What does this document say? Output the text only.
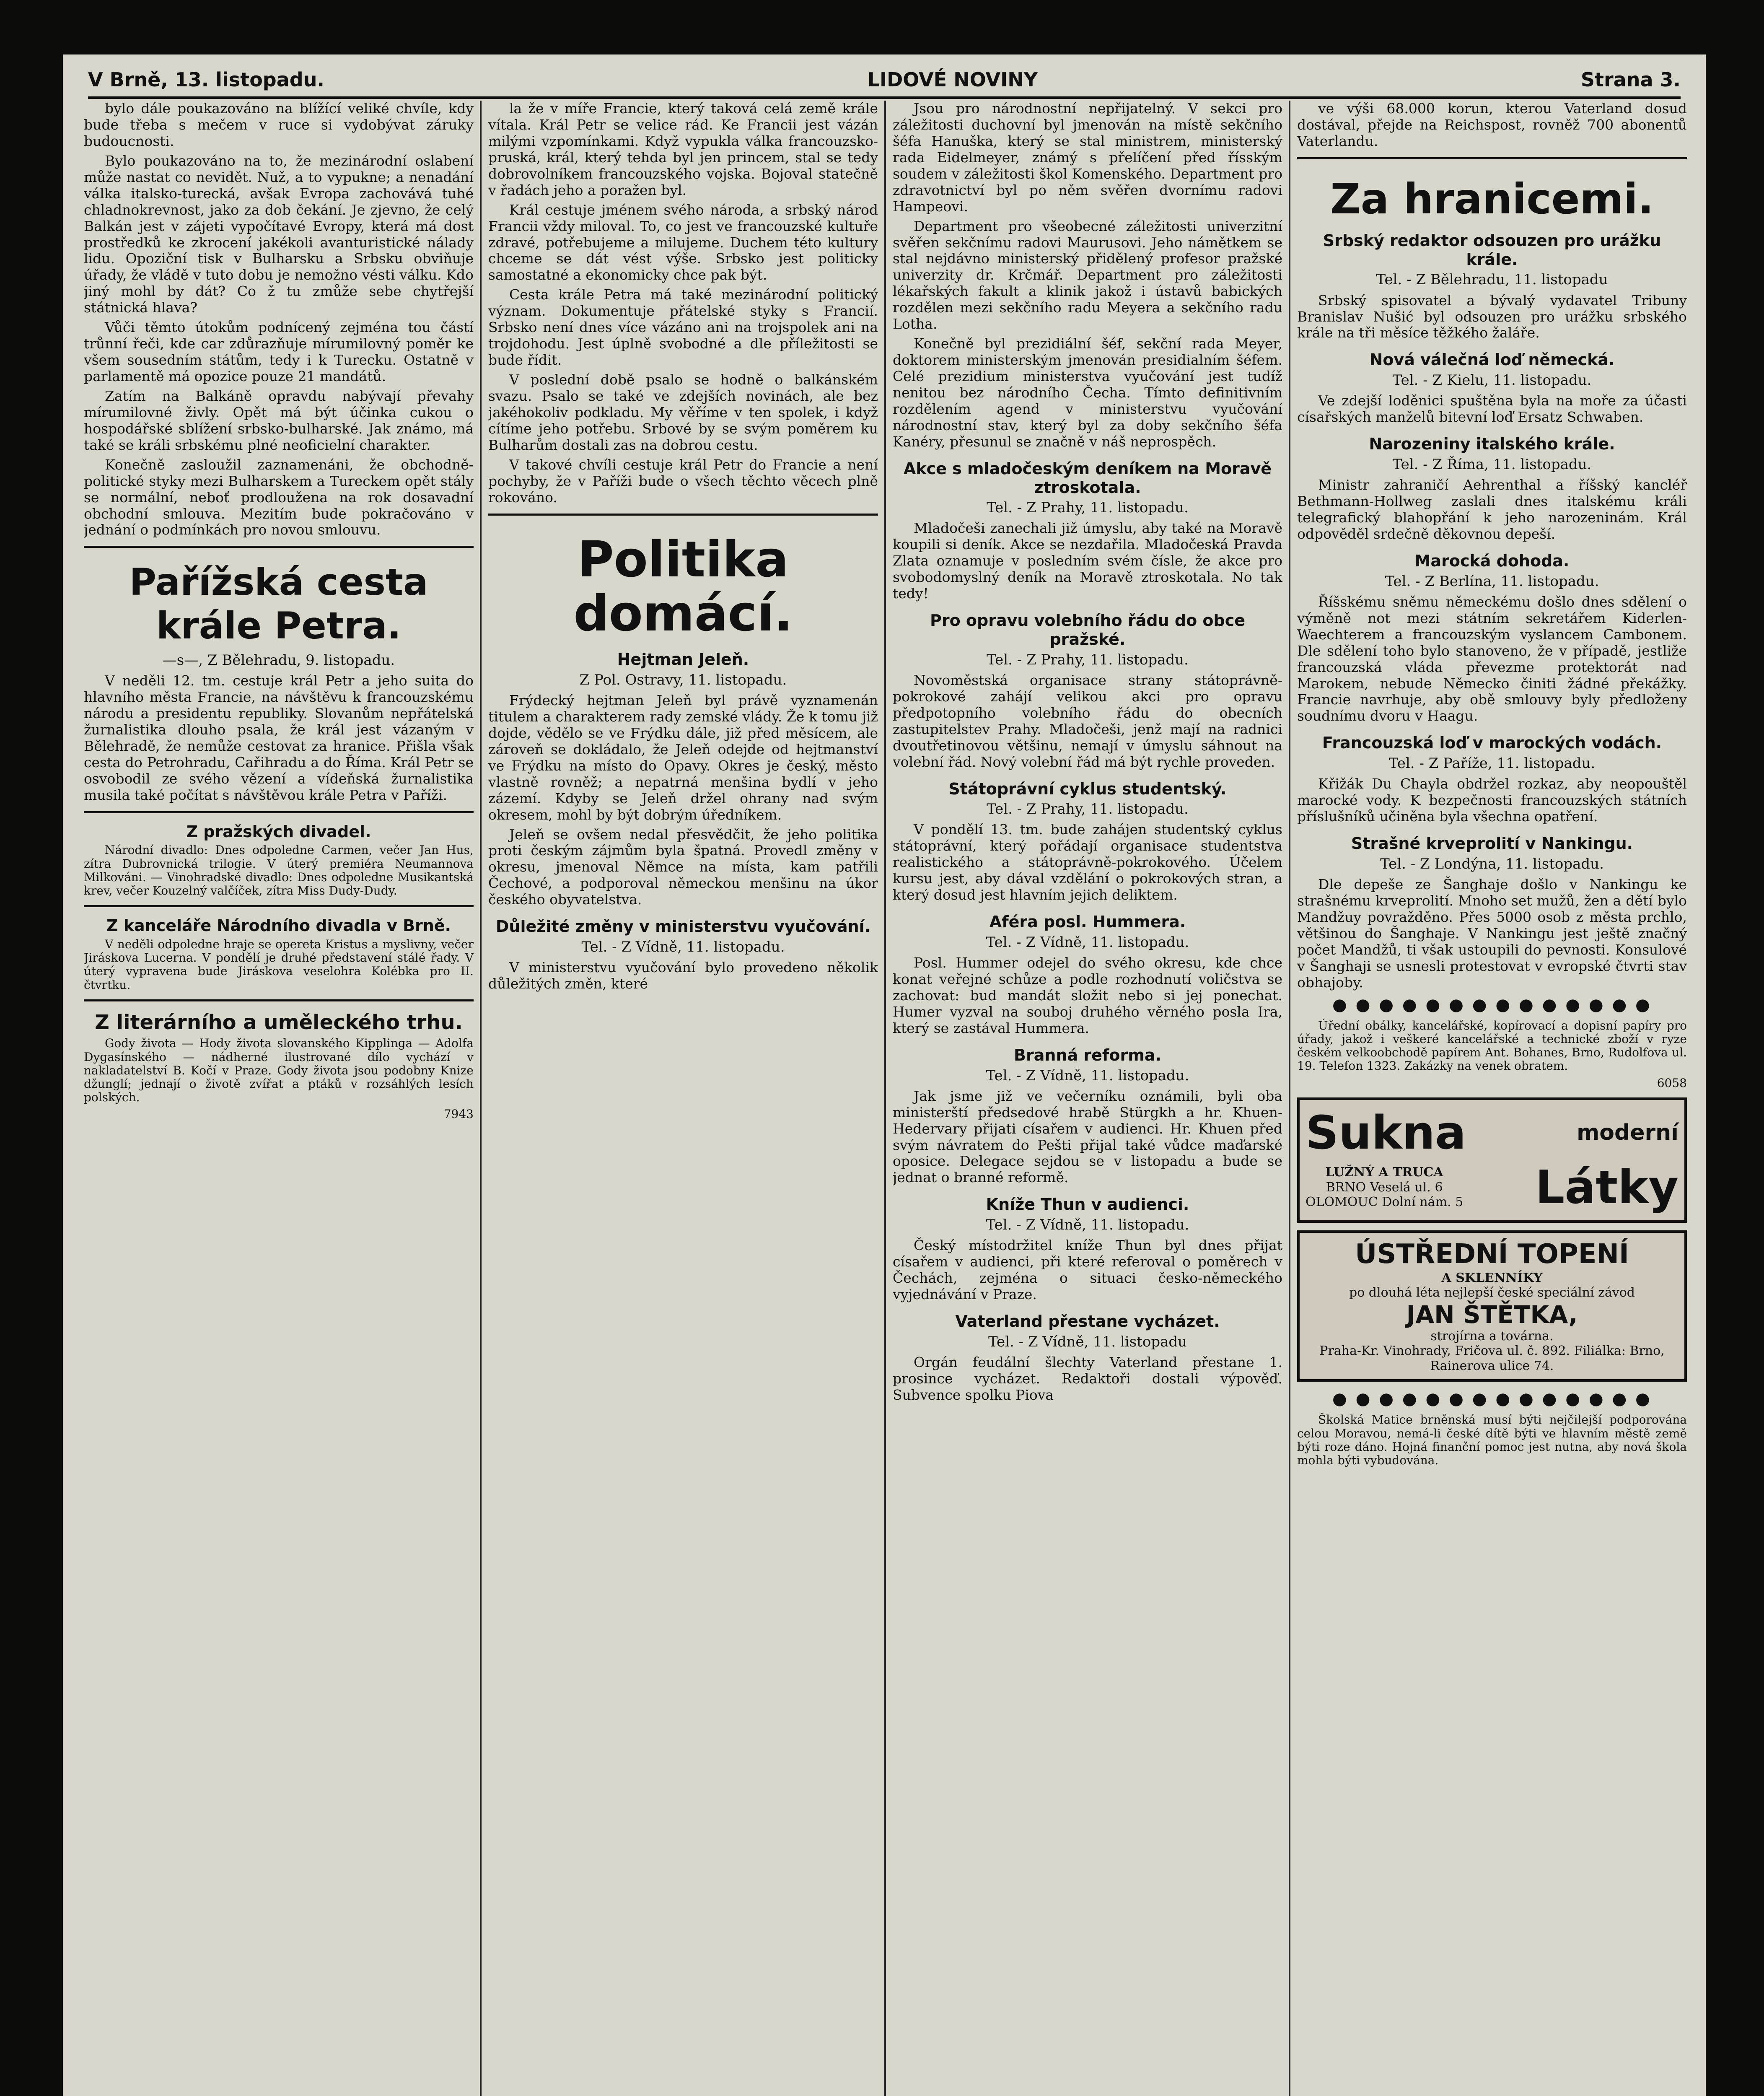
V Brně, 13. listopadu.	LIDOVÉ NOVINY	Strana 3.

bylo dále poukazováno na blížící veliké chvíle, kdy bude třeba s mečem v ruce si vydobývat záruky budoucnosti.

Bylo poukazováno na to, že mezinárodní oslabení může nastat co nevidět. Nuž, a to vypukne; a nenadání válka italsko-turecká, avšak Evropa zachovává tuhé chladnokrevnost, jako za dob čekání. Je zjevno, že celý Balkán jest v zájeti vypočítavé Evropy, která má dost prostředků ke zkrocení jakékoli avanturistické nálady lidu. Opoziční tisk v Bulharsku a Srbsku obviňuje úřady, že vládě v tuto dobu je nemožno vésti válku. Kdo jiný mohl by dát? Co ž tu zmůže sebe chytřejší státnická hlava?

Vůči těmto útokům podnícený zejména tou částí trůnní řeči, kde car zdůrazňuje mírumilovný poměr ke všem sousedním státům, tedy i k Turecku. Ostatně v parlamentě má opozice pouze 21 mandátů.

Zatím na Balkáně opravdu nabývají převahy mírumilovné živly. Opět má být účinka cukou o hospodářské sblížení srbsko-bulharské. Jak známo, má také se králi srbskému plné neoficielní charakter.

Konečně zasloužil zaznamenáni, že obchodně-politické styky mezi Bulharskem a Tureckem opět stály se normální, neboť prodloužena na rok dosavadní obchodní smlouva. Mezitím bude pokračováno v jednání o podmínkách pro novou smlouvu.

Pařížská cesta krále Petra.
—s—, Z Bělehradu, 9. listopadu.

V neděli 12. tm. cestuje král Petr a jeho suita do hlavního města Francie, na návštěvu k francouzskému národu a presidentu republiky. Slovanům nepřátelská žurnalistika dlouho psala, že král jest vázaným v Bělehradě, že nemůže cestovat za hranice. Přišla však cesta do Petrohradu, Cařihradu a do Říma. Král Petr se osvobodil ze svého vězení a vídeňská žurnalistika musila také počítat s návštěvou krále Petra v Paříži.

Z pražských divadel.

Národní divadlo: Dnes odpoledne Carmen, večer Jan Hus, zítra Dubrovnická trilogie. V úterý premiéra Neumannova Milkováni. — Vinohradské divadlo: Dnes odpoledne Musikantská krev, večer Kouzelný valčíček, zítra Miss Dudy-Dudy.

Z kanceláře Národního divadla v Brně.

V neděli odpoledne hraje se opereta Kristus a myslivny, večer Jiráskova Lucerna. V pondělí je druhé představení stálé řady. V úterý vypravena bude Jiráskova veselohra Kolébka pro II. čtvrtku.

Z literárního a uměleckého trhu.

Gody života — Hody života slovanského Kipplinga — Adolfa Dygasínského — nádherné ilustrované dílo vychází v nakladatelství B. Kočí v Praze. Gody života jsou podobny Knize džunglí; jednají o životě zvířat a ptáků v rozsáhlých lesích polských.

7943

la že v míře Francie, který taková celá země krále vítala. Král Petr se velice rád. Ke Francii jest vázán milými vzpomínkami. Když vypukla válka francouzsko-pruská, král, který tehda byl jen princem, stal se tedy dobrovolníkem francouzského vojska. Bojoval statečně v řadách jeho a poražen byl.

Král cestuje jménem svého národa, a srbský národ Francii vždy miloval. To, co jest ve francouzské kultuře zdravé, potřebujeme a milujeme. Duchem této kultury chceme se dát vést výše. Srbsko jest politicky samostatné a ekonomicky chce pak být.

Cesta krále Petra má také mezinárodní politický význam. Dokumentuje přátelské styky s Francií. Srbsko není dnes více vázáno ani na trojspolek ani na trojdohodu. Jest úplně svobodné a dle příležitosti se bude řídit.

V poslední době psalo se hodně o balkánském svazu. Psalo se také ve zdejších novinách, ale bez jakéhokoliv podkladu. My věříme v ten spolek, i když cítíme jeho potřebu. Srbové by se svým poměrem ku Bulharům dostali zas na dobrou cestu.

V takové chvíli cestuje král Petr do Francie a není pochyby, že v Paříži bude o všech těchto věcech plně rokováno.

Politika domácí.
Hejtman Jeleň.
Z Pol. Ostravy, 11. listopadu.

Frýdecký hejtman Jeleň byl právě vyznamenán titulem a charakterem rady zemské vlády. Že k tomu již dojde, vědělo se ve Frýdku dále, již před měsícem, ale zároveň se dokládalo, že Jeleň odejde od hejtmanství ve Frýdku na místo do Opavy. Okres je český, město vlastně rovněž; a nepatrná menšina bydlí v jeho zázemí. Kdyby se Jeleň držel ohrany nad svým okresem, mohl by být dobrým úředníkem.

Jeleň se ovšem nedal přesvědčit, že jeho politika proti českým zájmům byla špatná. Provedl změny v okresu, jmenoval Němce na místa, kam patřili Čechové, a podporoval německou menšinu na úkor českého obyvatelstva.

Důležité změny v ministerstvu vyučování.
Tel. - Z Vídně, 11. listopadu.

V ministerstvu vyučování bylo provedeno několik důležitých změn, které

Jsou pro národnostní nepřijatelný. V sekci pro záležitosti duchovní byl jmenován na místě sekčního šéfa Hanuška, který se stal ministrem, ministerský rada Eidelmeyer, známý s přelíčení před řísským soudem v záležitosti škol Komenského. Department pro zdravotnictví byl po něm svěřen dvornímu radovi Hampeovi.

Department pro všeobecné záležitosti univerzitní svěřen sekčnímu radovi Maurusovi. Jeho námětkem se stal nejdávno ministerský přidělený profesor pražské univerzity dr. Krčmář. Department pro záležitosti lékařských fakult a klinik jakož i ústavů babických rozdělen mezi sekčního radu Meyera a sekčního radu Lotha.

Konečně byl prezidiální šéf, sekční rada Meyer, doktorem ministerským jmenován presidialním šéfem. Celé prezidium ministerstva vyučování jest tudíž nenitou bez národního Čecha. Tímto definitivním rozdělením agend v ministerstvu vyučování národnostní stav, který byl za doby sekčního šéfa Kanéry, přesunul se značně v náš neprospěch.

Akce s mladočeským deníkem na Moravě ztroskotala.
Tel. - Z Prahy, 11. listopadu.

Mladočeši zanechali již úmyslu, aby také na Moravě koupili si deník. Akce se nezdařila. Mladočeská Pravda Zlata oznamuje v posledním svém čísle, že akce pro svobodomyslný deník na Moravě ztroskotala. No tak tedy!

Pro opravu volebního řádu do obce pražské.
Tel. - Z Prahy, 11. listopadu.

Novoměstská organisace strany státoprávně-pokrokové zahájí velikou akci pro opravu předpotopního volebního řádu do obecních zastupitelstev Prahy. Mladočeši, jenž mají na radnici dvoutřetinovou většinu, nemají v úmyslu sáhnout na volební řád. Nový volební řád má být rychle proveden.

Státoprávní cyklus studentský.
Tel. - Z Prahy, 11. listopadu.

V pondělí 13. tm. bude zahájen studentský cyklus státoprávní, který pořádají organisace studentstva realistického a státoprávně-pokrokového. Účelem kursu jest, aby dával vzdělání o pokrokových stran, a který dosud jest hlavním jejich deliktem.

Aféra posl. Hummera.
Tel. - Z Vídně, 11. listopadu.

Posl. Hummer odejel do svého okresu, kde chce konat veřejné schůze a podle rozhodnutí voličstva se zachovat: bud mandát složit nebo si jej ponechat. Humer vyzval na souboj druhého věrného posla Ira, který se zastával Hummera.

Branná reforma.
Tel. - Z Vídně, 11. listopadu.

Jak jsme již ve večerníku oznámili, byli oba ministerští předsedové hrabě Stürgkh a hr. Khuen-Hedervary přijati císařem v audienci. Hr. Khuen před svým návratem do Pešti přijal také vůdce maďarské oposice. Delegace sejdou se v listopadu a bude se jednat o branné reformě.

Kníže Thun v audienci.
Tel. - Z Vídně, 11. listopadu.

Český místodržitel kníže Thun byl dnes přijat císařem v audienci, při které referoval o poměrech v Čechách, zejména o situaci česko-německého vyjednávání v Praze.

Vaterland přestane vycházet.
Tel. - Z Vídně, 11. listopadu

Orgán feudální šlechty Vaterland přestane 1. prosince vycházet. Redaktoři dostali výpověď. Subvence spolku Piova

ve výši 68.000 korun, kterou Vaterland dosud dostával, přejde na Reichspost, rovněž 700 abonentů Vaterlandu.

Za hranicemi.
Srbský redaktor odsouzen pro urážku krále.
Tel. - Z Bělehradu, 11. listopadu

Srbský spisovatel a bývalý vydavatel Tribuny Branislav Nušić byl odsouzen pro urážku srbského krále na tři měsíce těžkého žaláře.

Nová válečná loď německá.
Tel. - Z Kielu, 11. listopadu.

Ve zdejší loděnici spuštěna byla na moře za účasti císařských manželů bitevní loď Ersatz Schwaben.

Narozeniny italského krále.
Tel. - Z Říma, 11. listopadu.

Ministr zahraničí Aehrenthal a říšský kancléř Bethmann-Hollweg zaslali dnes italskému králi telegrafický blahopřání k jeho narozeninám. Král odpověděl srdečně děkovnou depeší.

Marocká dohoda.
Tel. - Z Berlína, 11. listopadu.

Říšskému sněmu německému došlo dnes sdělení o výměně not mezi státním sekretářem Kiderlen-Waechterem a francouzským vyslancem Cambonem. Dle sdělení toho bylo stanoveno, že v případě, jestliže francouzská vláda převezme protektorát nad Marokem, nebude Německo činiti žádné překážky. Francie navrhuje, aby obě smlouvy byly předloženy soudnímu dvoru v Haagu.

Francouzská loď v marockých vodách.
Tel. - Z Paříže, 11. listopadu.

Křižák Du Chayla obdržel rozkaz, aby neopouštěl marocké vody. K bezpečnosti francouzských státních příslušníků učiněna byla všechna opatření.

Strašné krveprolití v Nankingu.
Tel. - Z Londýna, 11. listopadu.

Dle depeše ze Šanghaje došlo v Nankingu ke strašnému krveprolití. Mnoho set mužů, žen a dětí bylo Mandžuy povražděno. Přes 5000 osob z města prchlo, většinou do Šanghaje. V Nankingu jest ještě značný počet Mandžů, ti však ustoupili do pevnosti. Konsulové v Šanghaji se usnesli protestovat v evropské čtvrti stav obhajoby.

● ● ● ● ● ● ● ● ● ● ● ● ● ●

Úřední obálky, kancelářské, kopírovací a dopisní papíry pro úřady, jakož i veškeré kancelářské a technické zboží v ryze českém velkoobchodě papírem Ant. Bohanes, Brno, Rudolfova ul. 19. Telefon 1323. Zakázky na venek obratem.

6058
Sukna	moderní
LUŽNÝ A TRUCA
BRNO Veselá ul. 6
OLOMOUC Dolní nám. 5 Látky
ÚSTŘEDNÍ TOPENÍ
A SKLENNÍKY
po dlouhá léta nejlepší české speciální závod
JAN ŠTĚTKA,
strojírna a továrna.
Praha-Kr. Vinohrady, Fričova ul. č. 892. Filiálka: Brno, Rainerova ulice 74.
● ● ● ● ● ● ● ● ● ● ● ● ● ●

Školská Matice brněnská musí býti nejčilejší podporována celou Moravou, nemá-li české dítě býti ve hlavním městě země býti roze dáno. Hojná finanční pomoc jest nutna, aby nová škola mohla býti vybudována.
